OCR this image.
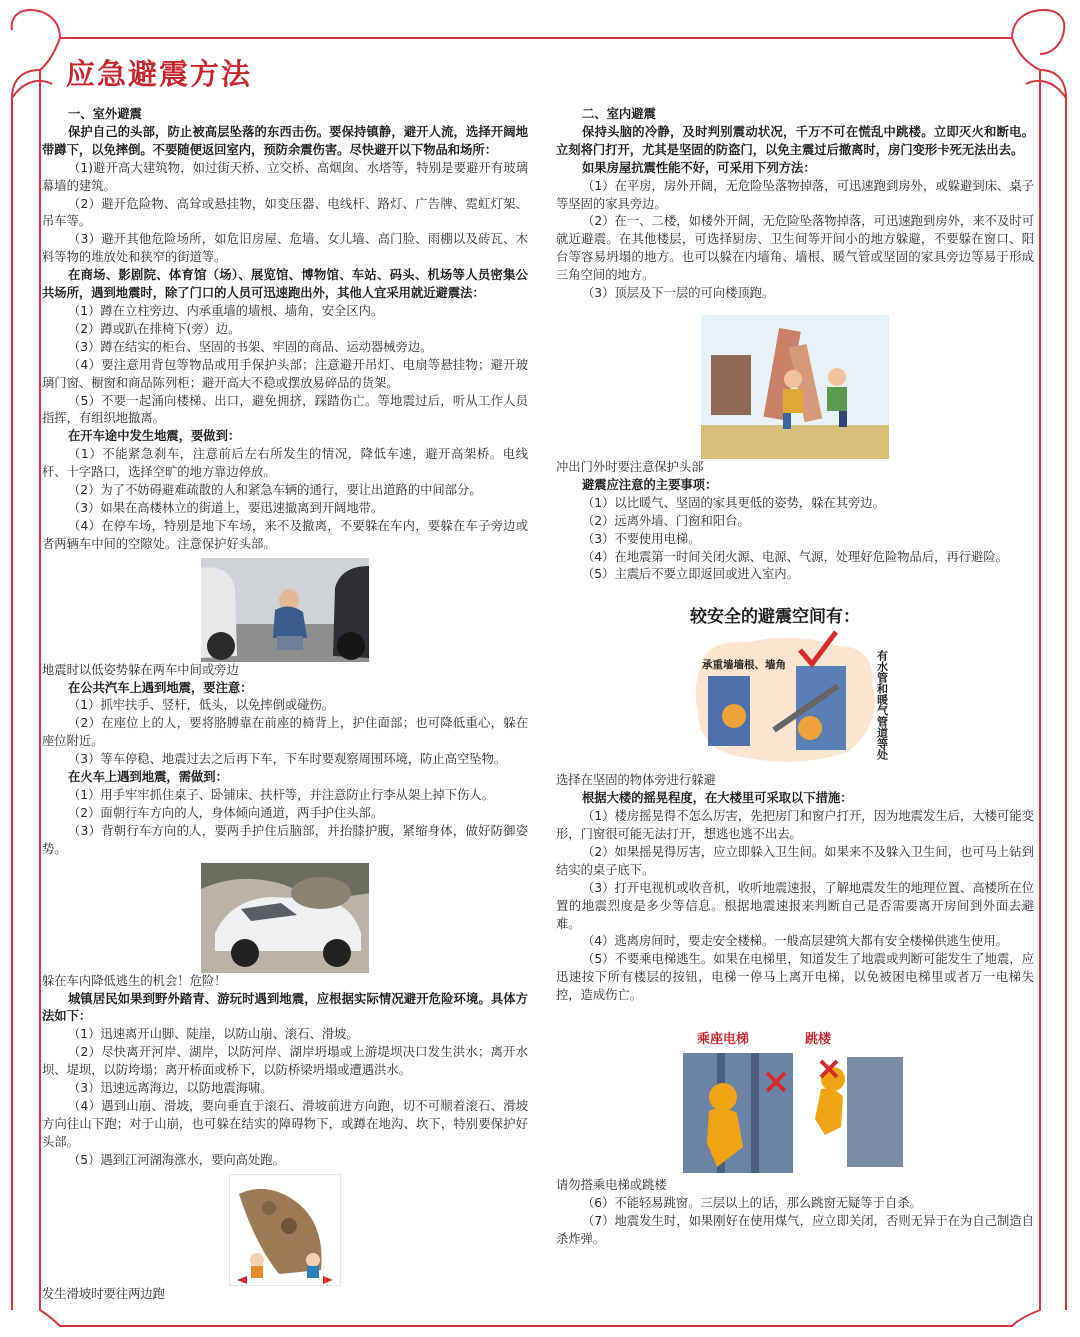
应急避震方法

一、室外避震

保护自己的头部，防止被高层坠落的东西击伤。要保持镇静，避开人流，选择开阔地带蹲下，以免摔倒。不要随便返回室内，预防余震伤害。尽快避开以下物品和场所：

（1)避开高大建筑物，如过街天桥、立交桥、高烟囱、水塔等，特别是要避开有玻璃幕墙的建筑。

（2）避开危险物、高耸或悬挂物，如变压器、电线杆、路灯、广告牌、霓虹灯架、吊车等。

（3）避开其他危险场所，如危旧房屋、危墙、女儿墙、高门脸、雨棚以及砖瓦、木料等物的堆放处和狭窄的街道等。

在商场、影剧院、体育馆（场）、展览馆、博物馆、车站、码头、机场等人员密集公共场所，遇到地震时，除了门口的人员可迅速跑出外，其他人宜采用就近避震法：

（1）蹲在立柱旁边、内承重墙的墙根、墙角，安全区内。

（2）蹲或趴在排椅下(旁）边。

（3）蹲在结实的柜台、坚固的书架、牢固的商品、运动器械旁边。

（4）要注意用背包等物品或用手保护头部；注意避开吊灯、电扇等悬挂物；避开玻璃门窗、橱窗和商品陈列柜；避开高大不稳或摆放易碎品的货架。

（5）不要一起涌向楼梯、出口，避免拥挤，踩踏伤亡。等地震过后，听从工作人员指挥，有组织地撤离。

在开车途中发生地震，要做到：

（1）不能紧急刹车，注意前后左右所发生的情况，降低车速，避开高架桥。电线杆、十字路口，选择空旷的地方靠边停放。

（2）为了不妨碍避难疏散的人和紧急车辆的通行，要让出道路的中间部分。

（3）如果在高楼林立的街道上，要迅速撤离到开阔地带。

（4）在停车场，特别是地下车场，来不及撤离，不要躲在车内，要躲在车子旁边或者两辆车中间的空隙处。注意保护好头部。

地震时以低姿势躲在两车中间或旁边

在公共汽车上遇到地震，要注意：

（1）抓牢扶手、竖杆，低头，以免摔倒或碰伤。

（2）在座位上的人，要将胳膊靠在前座的椅背上，护住面部；也可降低重心，躲在座位附近。

（3）等车停稳、地震过去之后再下车，下车时要观察周围环境，防止高空坠物。

在火车上遇到地震，需做到：

（1）用手牢牢抓住桌子、卧铺床、扶杆等，并注意防止行李从架上掉下伤人。

（2）面朝行车方向的人，身体倾向通道，两手护住头部。

（3）背朝行车方向的人，要两手护住后脑部，并抬膝护腹，紧缩身体，做好防御姿势。

躲在车内降低逃生的机会！危险！

城镇居民如果到野外踏青、游玩时遇到地震，应根据实际情况避开危险环境。具体方法如下：

（1）迅速离开山脚、陡崖，以防山崩、滚石、滑坡。

（2）尽快离开河岸、湖岸，以防河岸、湖岸坍塌或上游堤坝决口发生洪水；离开水坝、堤坝，以防垮塌；离开桥面或桥下，以防桥梁坍塌或遭遇洪水。

（3）迅速远离海边，以防地震海啸。

（4）遇到山崩、滑坡，要向垂直于滚石、滑坡前进方向跑，切不可顺着滚石、滑坡方向往山下跑；对于山崩，也可躲在结实的障碍物下，或蹲在地沟、坎下，特别要保护好头部。

（5）遇到江河湖海涨水，要向高处跑。

发生滑坡时要往两边跑

二、室内避震

保持头脑的冷静，及时判别震动状况，千万不可在慌乱中跳楼。立即灭火和断电。立刻将门打开，尤其是坚固的防盗门，以免主震过后撤离时，房门变形卡死无法出去。

如果房屋抗震性能不好，可采用下列方法：

（1）在平房，房外开阔，无危险坠落物掉落，可迅速跑到房外，或躲避到床、桌子等坚固的家具旁边。

（2）在一、二楼，如楼外开阔，无危险坠落物掉落，可迅速跑到房外，来不及时可就近避震。在其他楼层，可选择厨房、卫生间等开间小的地方躲避，不要躲在窗口、阳台等容易坍塌的地方。也可以躲在内墙角、墙根、暖气管或坚固的家具旁边等易于形成三角空间的地方。

（3）顶层及下一层的可向楼顶跑。

冲出门外时要注意保护头部

避震应注意的主要事项：

（1）以比暖气、坚固的家具更低的姿势，躲在其旁边。

（2）远离外墙、门窗和阳台。

（3）不要使用电梯。

（4）在地震第一时间关闭火源、电源、气源，处理好危险物品后，再行避险。

（5）主震后不要立即返回或进入室内。

较安全的避震空间有：
承重墙墙根、墙角	有水管和暖气管道等处

选择在坚固的物体旁进行躲避

根据大楼的摇晃程度，在大楼里可采取以下措施：

（1）楼房摇晃得不怎么厉害，先把房门和窗户打开，因为地震发生后，大楼可能变形，门窗很可能无法打开，想逃也逃不出去。

（2）如果摇晃得厉害，应立即躲入卫生间。如果来不及躲入卫生间，也可马上钻到结实的桌子底下。

（3）打开电视机或收音机，收听地震速报，了解地震发生的地理位置、高楼所在位置的地震烈度是多少等信息。根据地震速报来判断自己是否需要离开房间到外面去避难。

（4）逃离房间时，要走安全楼梯。一般高层建筑大都有安全楼梯供逃生使用。

（5）不要乘电梯逃生。如果在电梯里，知道发生了地震或判断可能发生了地震，应迅速按下所有楼层的按钮，电梯一停马上离开电梯，以免被困电梯里或者万一电梯失控，造成伤亡。

乘座电梯	跳楼

请勿搭乘电梯或跳楼

（6）不能轻易跳窗。三层以上的话，那么跳窗无疑等于自杀。

（7）地震发生时，如果刚好在使用煤气，应立即关闭，否则无异于在为自己制造自杀炸弹。
